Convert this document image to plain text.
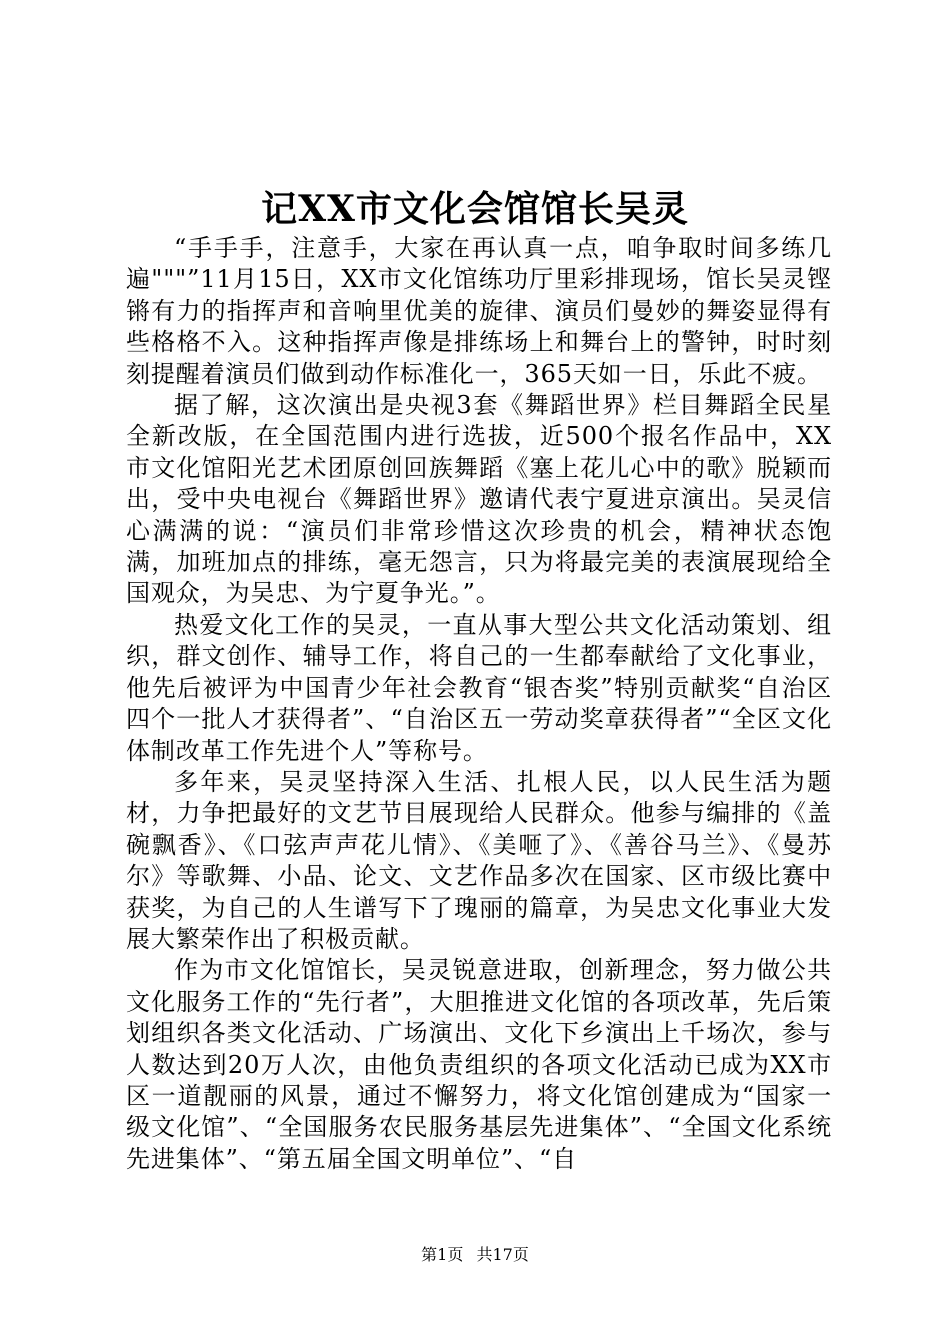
记XX市文化会馆馆长吴灵

“手手手，注意手，大家在再认真一点，咱争取时间多练几遍"""”11月15日，XX市文化馆练功厅里彩排现场，馆长吴灵铿锵有力的指挥声和音响里优美的旋律、演员们曼妙的舞姿显得有些格格不入。这种指挥声像是排练场上和舞台上的警钟，时时刻刻提醒着演员们做到动作标准化一，365天如一日，乐此不疲。

据了解，这次演出是央视3套《舞蹈世界》栏目舞蹈全民星全新改版，在全国范围内进行选拔，近500个报名作品中，XX市文化馆阳光艺术团原创回族舞蹈《塞上花儿心中的歌》脱颖而出，受中央电视台《舞蹈世界》邀请代表宁夏进京演出。吴灵信心满满的说：“演员们非常珍惜这次珍贵的机会，精神状态饱满，加班加点的排练，毫无怨言，只为将最完美的表演展现给全国观众，为吴忠、为宁夏争光。”。

热爱文化工作的吴灵，一直从事大型公共文化活动策划、组织，群文创作、辅导工作，将自己的一生都奉献给了文化事业，他先后被评为中国青少年社会教育“银杏奖”特别贡献奖“自治区四个一批人才获得者”、“自治区五一劳动奖章获得者”“全区文化体制改革工作先进个人”等称号。

多年来，吴灵坚持深入生活、扎根人民，以人民生活为题材，力争把最好的文艺节目展现给人民群众。他参与编排的《盖碗飘香》、《口弦声声花儿情》、《美咂了》、《善谷马兰》、《曼苏尔》等歌舞、小品、论文、文艺作品多次在国家、区市级比赛中获奖，为自己的人生谱写下了瑰丽的篇章，为吴忠文化事业大发展大繁荣作出了积极贡献。

作为市文化馆馆长，吴灵锐意进取，创新理念，努力做公共文化服务工作的“先行者”，大胆推进文化馆的各项改革，先后策划组织各类文化活动、广场演出、文化下乡演出上千场次，参与人数达到20万人次，由他负责组织的各项文化活动已成为XX市区一道靓丽的风景，通过不懈努力，将文化馆创建成为“国家一级文化馆”、“全国服务农民服务基层先进集体”、“全国文化系统先进集体”、“第五届全国文明单位”、“自

第1页 共17页
